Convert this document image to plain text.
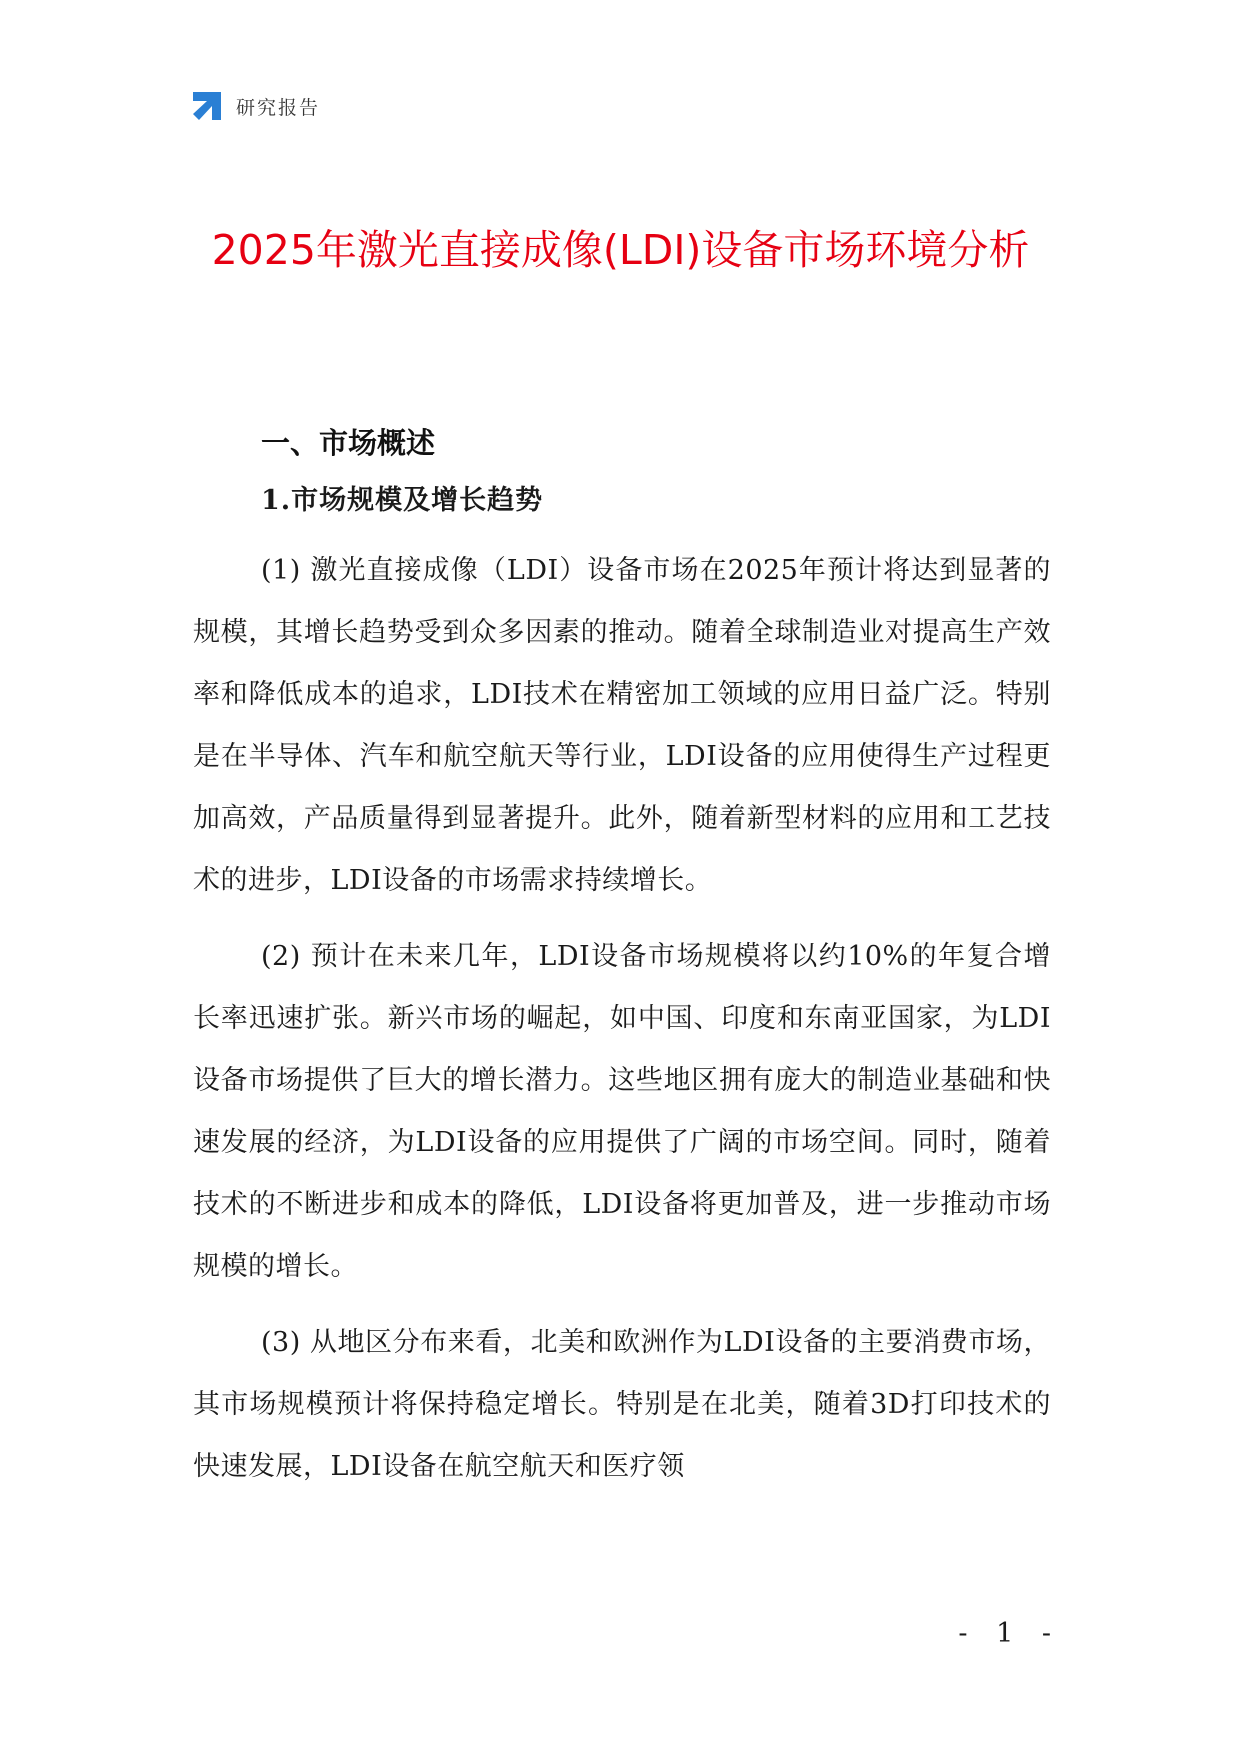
研究报告
2025年激光直接成像(LDI)设备市场环境分析
一、市场概述
1.市场规模及增长趋势

(1) 激光直接成像（LDI）设备市场在2025年预计将达到显著的规模，其增长趋势受到众多因素的推动。随着全球制造业对提高生产效率和降低成本的追求，LDI技术在精密加工领域的应用日益广泛。特别是在半导体、汽车和航空航天等行业，LDI设备的应用使得生产过程更加高效，产品质量得到显著提升。此外，随着新型材料的应用和工艺技术的进步，LDI设备的市场需求持续增长。

(2) 预计在未来几年，LDI设备市场规模将以约10%的年复合增长率迅速扩张。新兴市场的崛起，如中国、印度和东南亚国家，为LDI设备市场提供了巨大的增长潜力。这些地区拥有庞大的制造业基础和快速发展的经济，为LDI设备的应用提供了广阔的市场空间。同时，随着技术的不断进步和成本的降低，LDI设备将更加普及，进一步推动市场规模的增长。

(3) 从地区分布来看，北美和欧洲作为LDI设备的主要消费市场，其市场规模预计将保持稳定增长。特别是在北美，随着3D打印技术的快速发展，LDI设备在航空航天和医疗领

- 1 -
